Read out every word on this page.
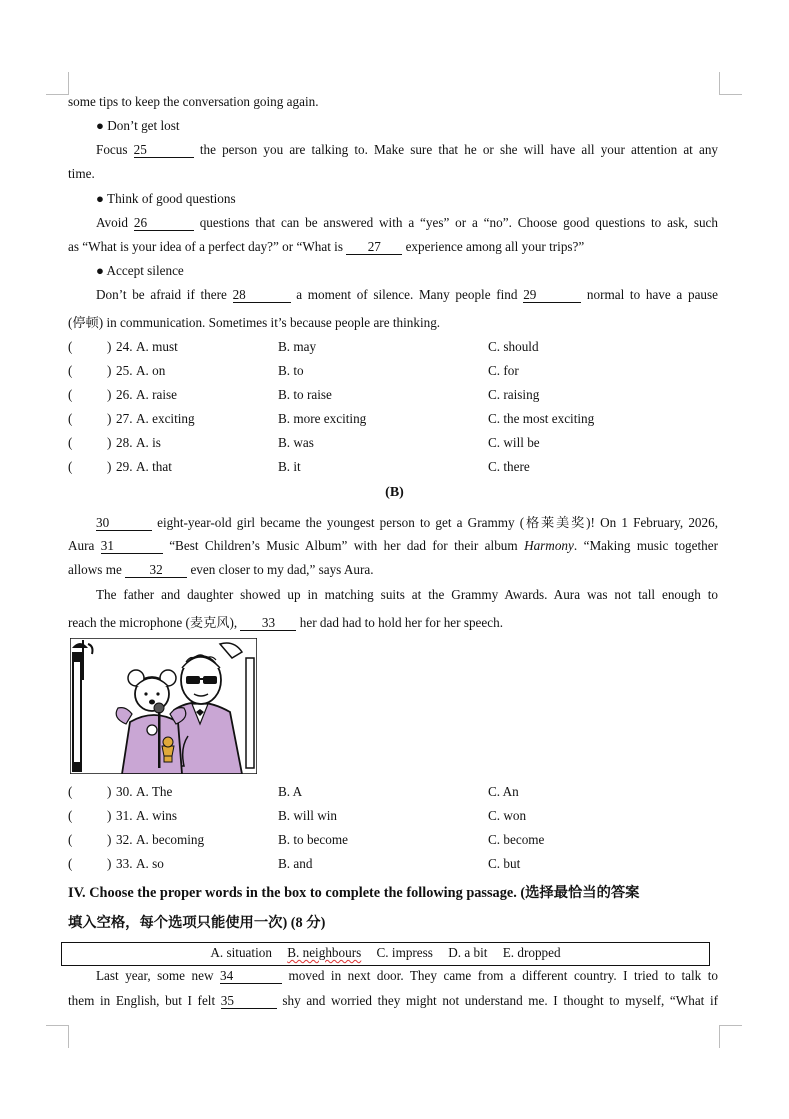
some tips to keep the conversation going again.
● Don’t get lost
Focus 25	the person you are talking to. Make sure that he or she will have all your attention at any
time.
● Think of good questions
Avoid 26	questions that can be answered with a “yes” or a “no”. Choose good questions to ask, such
as “What is your idea of a perfect day?” or “What is 27 experience among all your trips?”
● Accept silence
Don’t be afraid if there 28	a moment of silence. Many people find 29	normal to have a pause
(停顿) in communication. Sometimes it’s because people are thinking.
(	) 24. A. must	B. may	C. should
(	) 25. A. on	B. to	C. for
(	) 26. A. raise	B. to raise	C. raising
(	) 27. A. exciting	B. more exciting	C. the most exciting
(	) 28. A. is	B. was	C. will be
(	) 29. A. that	B. it	C. there
(B)
30	eight-year-old girl became the youngest person to get a Grammy (格莱美奖)! On 1 February, 2026,
Aura 31	“Best Children’s Music Album” with her dad for their album Harmony. “Making music together
allows me 32 even closer to my dad,” says Aura.
The father and daughter showed up in matching suits at the Grammy Awards. Aura was not tall enough to
reach the microphone (麦克风), 33 her dad had to hold her for her speech.
(	) 30. A. The	B. A	C. An
(	) 31. A. wins	B. will win	C. won
(	) 32. A. becoming	B. to become	C. become
(	) 33. A. so	B. and	C. but
IV. Choose the proper words in the box to complete the following passage. (选择最恰当的答案
填入空格，每个选项只能使用一次) (8 分)
A. situation B. neighbours C. impress D. a bit E. dropped
Last year, some new 34	moved in next door. They came from a different country. I tried to talk to
them in English, but I felt 35	shy and worried they might not understand me. I thought to myself, “What if
